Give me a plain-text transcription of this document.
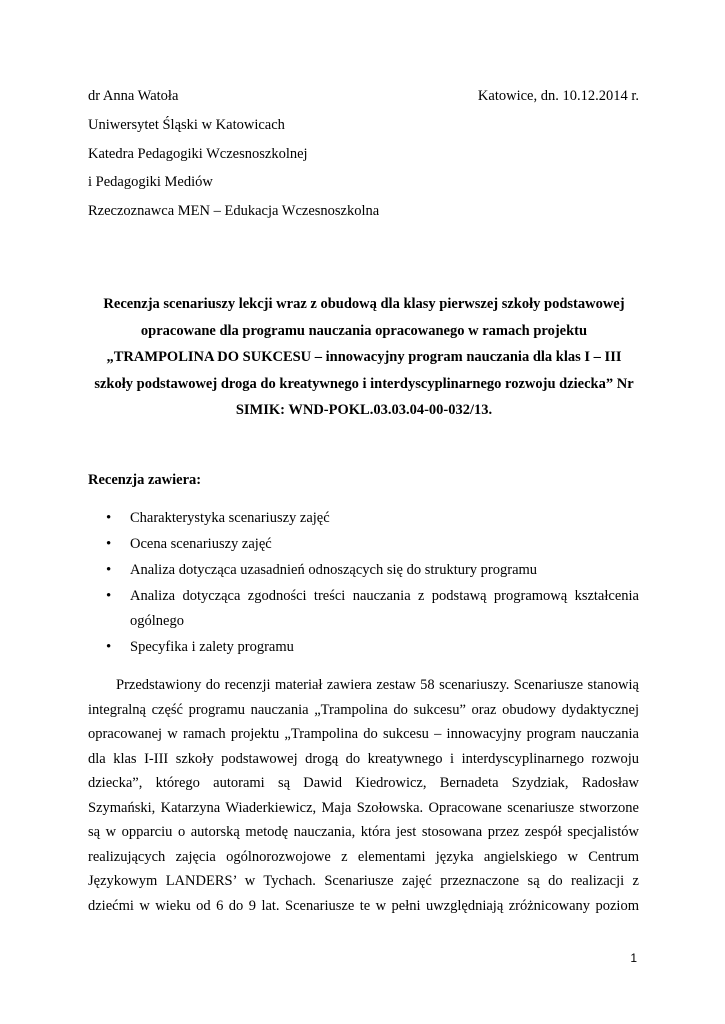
dr Anna Watoła	Katowice, dn. 10.12.2014 r.
Uniwersytet Śląski w Katowicach
Katedra Pedagogiki Wczesnoszkolnej
i Pedagogiki Mediów
Rzeczoznawca MEN – Edukacja Wczesnoszkolna
Recenzja scenariuszy lekcji wraz z obudową dla klasy pierwszej szkoły podstawowej
opracowane dla programu nauczania opracowanego w ramach projektu
„TRAMPOLINA DO SUKCESU – innowacyjny program nauczania dla klas I – III
szkoły podstawowej droga do kreatywnego i interdyscyplinarnego rozwoju dziecka” Nr
SIMIK: WND-POKL.03.03.04-00-032/13.
Recenzja zawiera:
• Charakterystyka scenariuszy zajęć
• Ocena scenariuszy zajęć
• Analiza dotycząca uzasadnień odnoszących się do struktury programu
• Analiza dotycząca zgodności treści nauczania z podstawą programową kształcenia ogólnego
• Specyfika i zalety programu
Przedstawiony do recenzji materiał zawiera zestaw 58 scenariuszy. Scenariusze stanowią
integralną część programu nauczania „Trampolina do sukcesu” oraz obudowy dydaktycznej
opracowanej w ramach projektu „Trampolina do sukcesu – innowacyjny program nauczania
dla klas I-III szkoły podstawowej drogą do kreatywnego i interdyscyplinarnego rozwoju
dziecka”, którego autorami są Dawid Kiedrowicz, Bernadeta Szydziak, Radosław
Szymański, Katarzyna Wiaderkiewicz, Maja Szołowska. Opracowane scenariusze stworzone
są w opparciu o autorską metodę nauczania, która jest stosowana przez zespół specjalistów
realizujących zajęcia ogólnorozwojowe z elementami języka angielskiego w Centrum
Językowym LANDERS’ w Tychach. Scenariusze zajęć przeznaczone są do realizacji z
dziećmi w wieku od 6 do 9 lat. Scenariusze te w pełni uwzględniają zróżnicowany poziom
1
